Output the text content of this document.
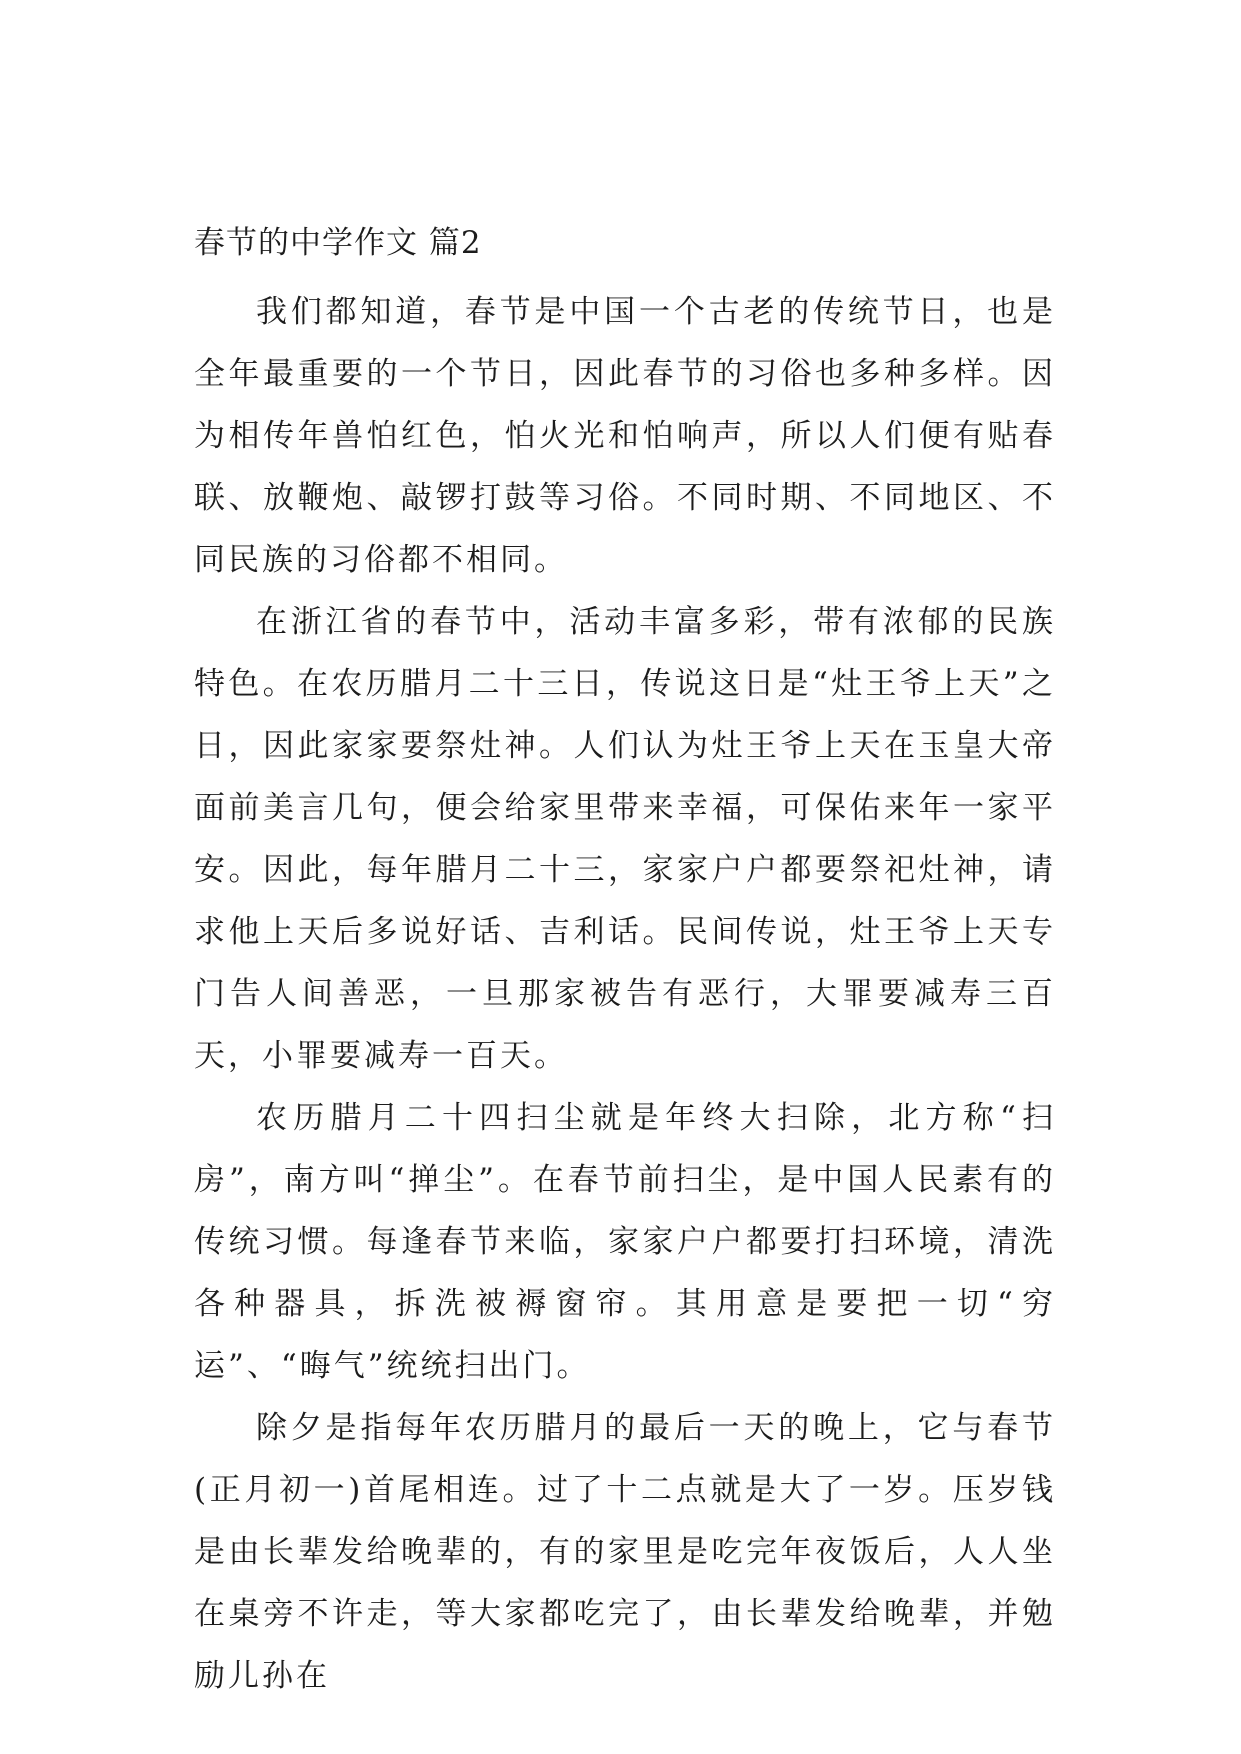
春节的中学作文 篇2

我们都知道，春节是中国一个古老的传统节日，也是全年最重要的一个节日，因此春节的习俗也多种多样。因为相传年兽怕红色，怕火光和怕响声，所以人们便有贴春联、放鞭炮、敲锣打鼓等习俗。不同时期、不同地区、不同民族的习俗都不相同。

在浙江省的春节中，活动丰富多彩，带有浓郁的民族特色。在农历腊月二十三日，传说这日是“灶王爷上天”之日，因此家家要祭灶神。人们认为灶王爷上天在玉皇大帝面前美言几句，便会给家里带来幸福，可保佑来年一家平安。因此，每年腊月二十三，家家户户都要祭祀灶神，请求他上天后多说好话、吉利话。民间传说，灶王爷上天专门告人间善恶，一旦那家被告有恶行，大罪要减寿三百天，小罪要减寿一百天。

农历腊月二十四扫尘就是年终大扫除，北方称“扫房”，南方叫“掸尘”。在春节前扫尘，是中国人民素有的传统习惯。每逢春节来临，家家户户都要打扫环境，清洗各种器具，拆洗被褥窗帘。其用意是要把一切“穷运”、“晦气”统统扫出门。

除夕是指每年农历腊月的最后一天的晚上，它与春节(正月初一)首尾相连。过了十二点就是大了一岁。压岁钱是由长辈发给晚辈的，有的家里是吃完年夜饭后，人人坐在桌旁不许走，等大家都吃完了，由长辈发给晚辈，并勉励儿孙在
